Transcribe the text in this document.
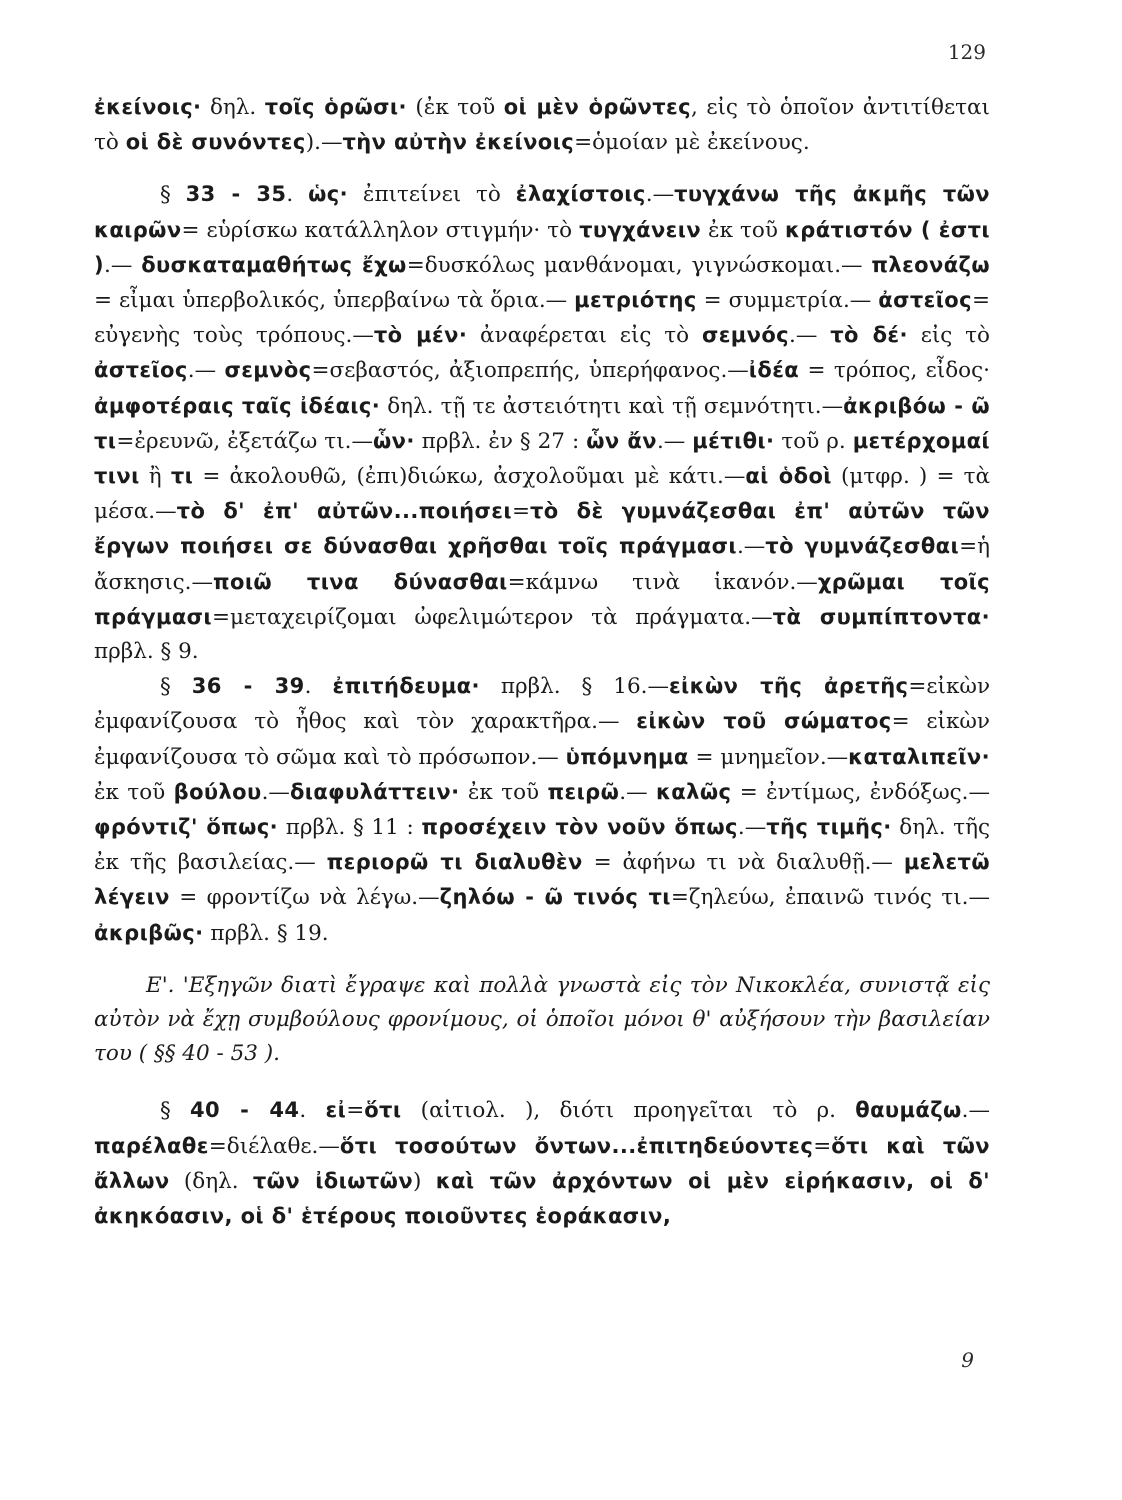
129

ἐκείνοις· δηλ. τοῖς ὁρῶσι· (ἐκ τοῦ οἱ μὲν ὁρῶντες, εἰς τὸ ὁποῖον ἀντιτίθεται τὸ οἱ δὲ συνόντες).—τὴν αὐτὴν ἐκείνοις=ὁμοίαν μὲ ἐκείνους.

§ 33 - 35. ὡς· ἐπιτείνει τὸ ἐλαχίστοις.—τυγχάνω τῆς ἀκμῆς τῶν καιρῶν= εὑρίσκω κατάλληλον στιγμήν· τὸ τυγχάνειν ἐκ τοῦ κράτιστόν ( ἐστι ).— δυσκαταμαθήτως ἔχω=δυσκόλως μανθάνομαι, γιγνώσκομαι.— πλεονάζω = εἶμαι ὑπερβολικός, ὑπερβαίνω τὰ ὅρια.— μετριότης = συμμετρία.— ἀστεῖος= εὐγενὴς τοὺς τρόπους.—τὸ μέν· ἀναφέρεται εἰς τὸ σεμνός.— τὸ δέ· εἰς τὸ ἀστεῖος.— σεμνὸς=σεβαστός, ἀξιοπρεπής, ὑπερήφανος.—ἰδέα = τρόπος, εἶδος· ἀμφοτέραις ταῖς ἰδέαις· δηλ. τῇ τε ἀστειότητι καὶ τῇ σεμνότητι.—ἀκριβόω - ῶ τι=ἐρευνῶ, ἐξετάζω τι.—ὧν· πρβλ. ἐν § 27 : ὧν ἄν.— μέτιθι· τοῦ ρ. μετέρχομαί τινι ἢ τι = ἀκολουθῶ, (ἐπι)διώκω, ἀσχολοῦμαι μὲ κάτι.—αἱ ὁδοὶ (μτφρ. ) = τὰ μέσα.—τὸ δ' ἐπ' αὐτῶν...ποιήσει=τὸ δὲ γυμνάζεσθαι ἐπ' αὐτῶν τῶν ἔργων ποιήσει σε δύνασθαι χρῆσθαι τοῖς πράγμασι.—τὸ γυμνάζεσθαι=ἡ ἄσκησις.—ποιῶ τινα δύνασθαι=κάμνω τινὰ ἱκανόν.—χρῶμαι τοῖς πράγμασι=μεταχειρίζομαι ὠφελιμώτερον τὰ πράγματα.—τὰ συμπίπτοντα· πρβλ. § 9.

§ 36 - 39. ἐπιτήδευμα· πρβλ. § 16.—εἰκὼν τῆς ἀρετῆς=εἰκὼν ἐμφανίζουσα τὸ ἦθος καὶ τὸν χαρακτῆρα.— εἰκὼν τοῦ σώματος= εἰκὼν ἐμφανίζουσα τὸ σῶμα καὶ τὸ πρόσωπον.— ὑπόμνημα = μνημεῖον.—καταλιπεῖν· ἐκ τοῦ βούλου.—διαφυλάττειν· ἐκ τοῦ πειρῶ.— καλῶς = ἐντίμως, ἐνδόξως.— φρόντιζ' ὅπως· πρβλ. § 11 : προσέχειν τὸν νοῦν ὅπως.—τῆς τιμῆς· δηλ. τῆς ἐκ τῆς βασιλείας.— περιορῶ τι διαλυθὲν = ἀφήνω τι νὰ διαλυθῇ.— μελετῶ λέγειν = φροντίζω νὰ λέγω.—ζηλόω - ῶ τινός τι=ζηλεύω, ἐπαινῶ τινός τι.— ἀκριβῶς· πρβλ. § 19.

Ε'. 'Εξηγῶν διατὶ ἔγραψε καὶ πολλὰ γνωστὰ εἰς τὸν Νικοκλέα, συνιστᾷ εἰς αὐτὸν νὰ ἔχῃ συμβούλους φρονίμους, οἱ ὁποῖοι μόνοι θ' αὐξήσουν τὴν βασιλείαν του ( §§ 40 - 53 ).

§ 40 - 44. εἰ=ὅτι (αἰτιολ. ), διότι προηγεῖται τὸ ρ. θαυμάζω.— παρέλαθε=διέλαθε.—ὅτι τοσούτων ὄντων...ἐπιτηδεύοντες=ὅτι καὶ τῶν ἄλλων (δηλ. τῶν ἰδιωτῶν) καὶ τῶν ἀρχόντων οἱ μὲν εἰρήκασιν, οἱ δ' ἀκηκόασιν, οἱ δ' ἑτέρους ποιοῦντες ἑοράκασιν,

9
